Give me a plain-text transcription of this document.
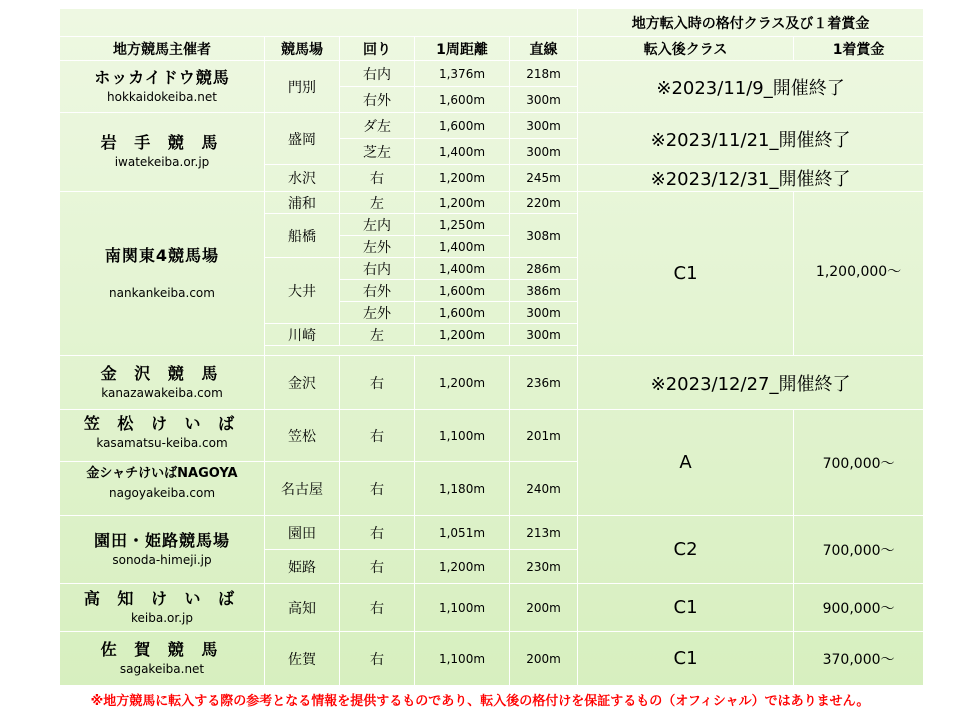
					地方転入時の格付クラス及び１着賞金	
地方競馬主催者	競馬場	回り	1周距離	直線	転入後クラス	1着賞金

ホッカイドウ競馬
hokkaidokeiba.net	門別	右内	1,376m	218m	※2023/11/9_開催終了	
		右外	1,600m	300m		

岩 手 競 馬
iwatekeiba.or.jp	盛岡	ダ左	1,600m	300m	※2023/11/21_開催終了	
		芝左	1,400m	300m		
	水沢	右	1,200m	245m	※2023/12/31_開催終了	

南関東4競馬場
nankankeiba.com	浦和	左	1,200m	220m	C1	1,200,000〜
	船橋	左内	1,250m	308m		
		左外	1,400m			
	大井	右内	1,400m	286m		
		右外	1,600m	386m		
		左外	1,600m	300m		
	川崎	左	1,200m	300m		

金 沢 競 馬
kanazawakeiba.com	金沢	右	1,200m	236m	※2023/12/27_開催終了	

笠 松 け い ば
kasamatsu-keiba.com	笠松	右	1,100m	201m	A	700,000〜

金シャチけいばNAGOYA
nagoyakeiba.com	名古屋	右	1,180m	240m		

園田・姫路競馬場
sonoda-himeji.jp	園田	右	1,051m	213m	C2	700,000〜
	姫路	右	1,200m	230m		

高 知 け い ば
keiba.or.jp	高知	右	1,100m	200m	C1	900,000〜

佐 賀 競 馬
sagakeiba.net	佐賀	右	1,100m	200m	C1	370,000〜
※地方競馬に転入する際の参考となる情報を提供するものであり、転入後の格付けを保証するもの（オフィシャル）ではありません。
